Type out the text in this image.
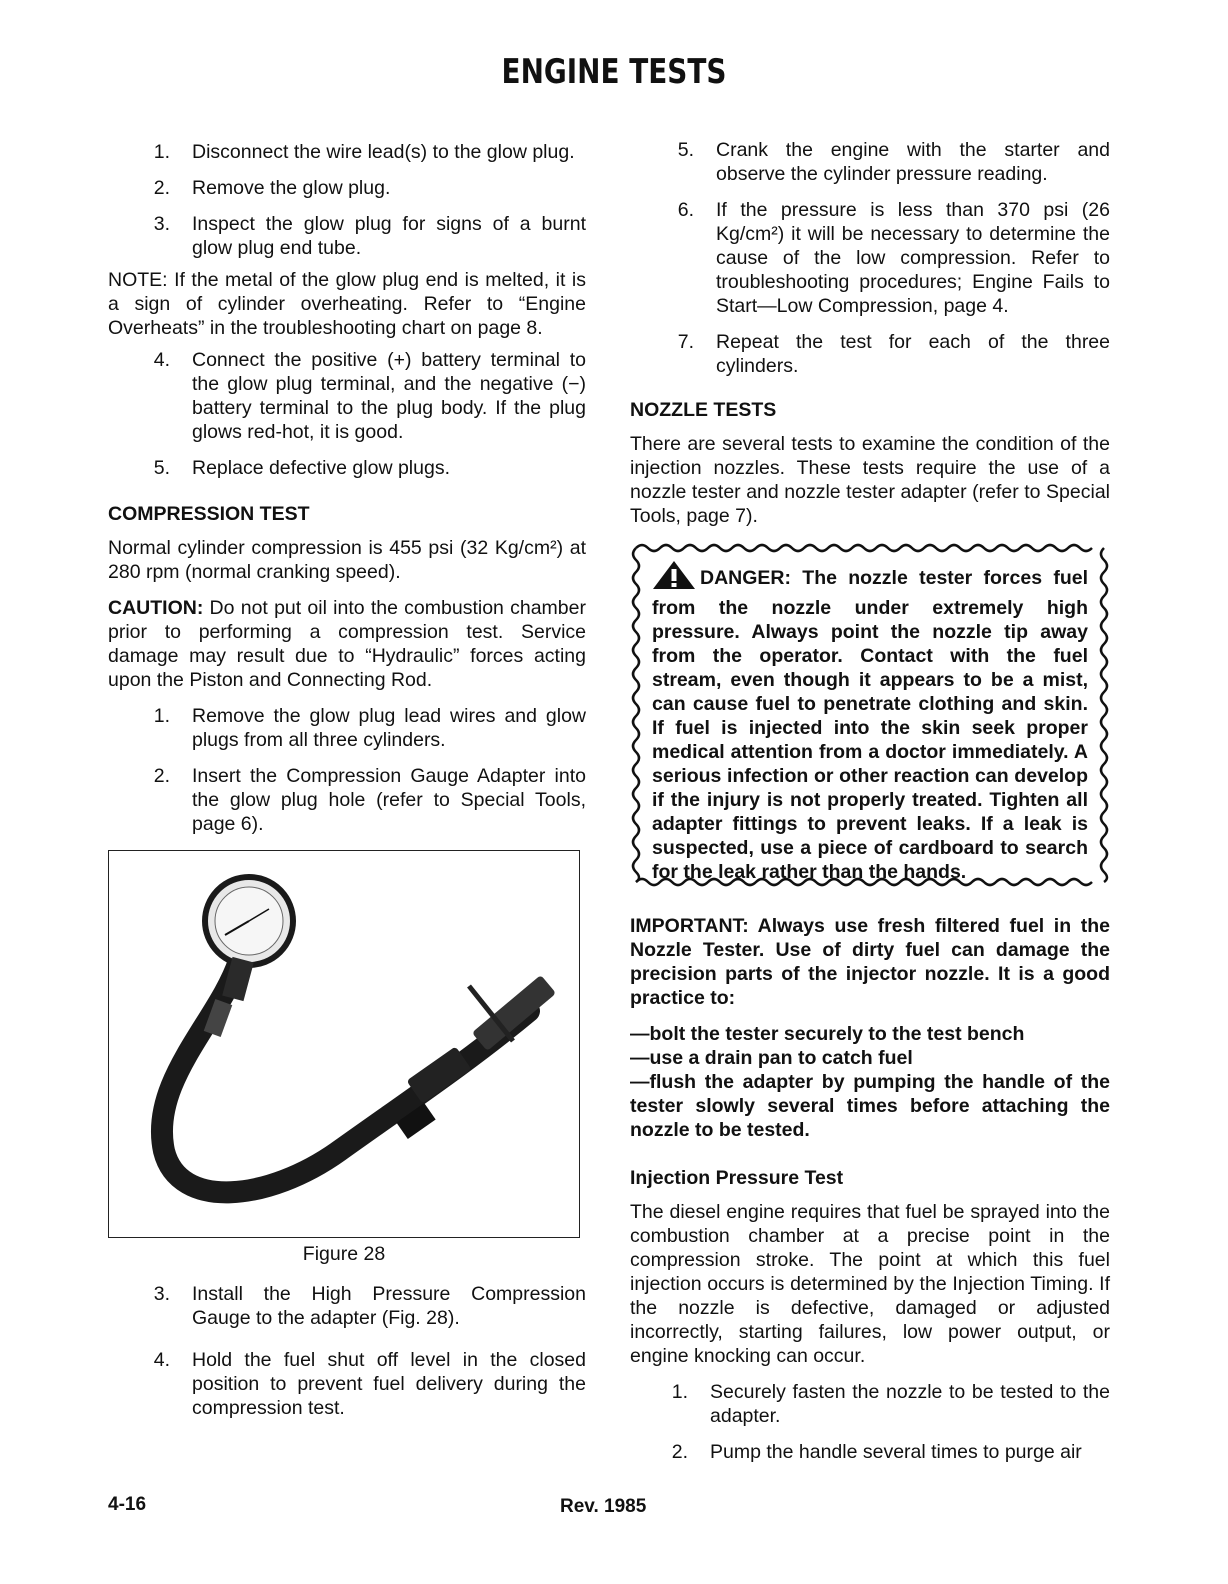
ENGINE TESTS
1.	Disconnect the wire lead(s) to the glow plug.
2.	Remove the glow plug.
3.	Inspect the glow plug for signs of a burnt glow plug end tube.

NOTE: If the metal of the glow plug end is melted, it is a sign of cylinder overheating. Refer to “Engine Overheats” in the troubleshooting chart on page 8.

4.	Connect the positive (+) battery terminal to the glow plug terminal, and the negative (−) battery terminal to the plug body. If the plug glows red-hot, it is good.
5.	Replace defective glow plugs.
COMPRESSION TEST

Normal cylinder compression is 455 psi (32 Kg/cm²) at 280 rpm (normal cranking speed).

CAUTION: Do not put oil into the combustion chamber prior to performing a compression test. Service damage may result due to “Hydraulic” forces acting upon the Piston and Connecting Rod.

1.	Remove the glow plug lead wires and glow plugs from all three cylinders.
2.	Insert the Compression Gauge Adapter into the glow plug hole (refer to Special Tools, page 6).
Figure 28
3.	Install the High Pressure Compression Gauge to the adapter (Fig. 28).
4.	Hold the fuel shut off level in the closed position to prevent fuel delivery during the compression test.
5.	Crank the engine with the starter and observe the cylinder pressure reading.
6.	If the pressure is less than 370 psi (26 Kg/cm²) it will be necessary to determine the cause of the low compression. Refer to troubleshooting procedures; Engine Fails to Start—Low Compression, page 4.
7.	Repeat the test for each of the three cylinders.
NOZZLE TESTS

There are several tests to examine the condition of the injection nozzles. These tests require the use of a nozzle tester and nozzle tester adapter (refer to Special Tools, page 7).

DANGER: The nozzle tester forces fuel from the nozzle under extremely high pressure. Always point the nozzle tip away from the operator. Contact with the fuel stream, even though it appears to be a mist, can cause fuel to penetrate clothing and skin. If fuel is injected into the skin seek proper medical attention from a doctor immediately. A serious infection or other reaction can develop if the injury is not properly treated. Tighten all adapter fittings to prevent leaks. If a leak is suspected, use a piece of cardboard to search for the leak rather than the hands.

IMPORTANT: Always use fresh filtered fuel in the Nozzle Tester. Use of dirty fuel can damage the precision parts of the injector nozzle. It is a good practice to:

—bolt the tester securely to the test bench
—use a drain pan to catch fuel
—flush the adapter by pumping the handle of the tester slowly several times before attaching the nozzle to be tested.
Injection Pressure Test

The diesel engine requires that fuel be sprayed into the combustion chamber at a precise point in the compression stroke. The point at which this fuel injection occurs is determined by the Injection Timing. If the nozzle is defective, damaged or adjusted incorrectly, starting failures, low power output, or engine knocking can occur.

1.	Securely fasten the nozzle to be tested to the adapter.
2.	Pump the handle several times to purge air
4-16	Rev. 1985
